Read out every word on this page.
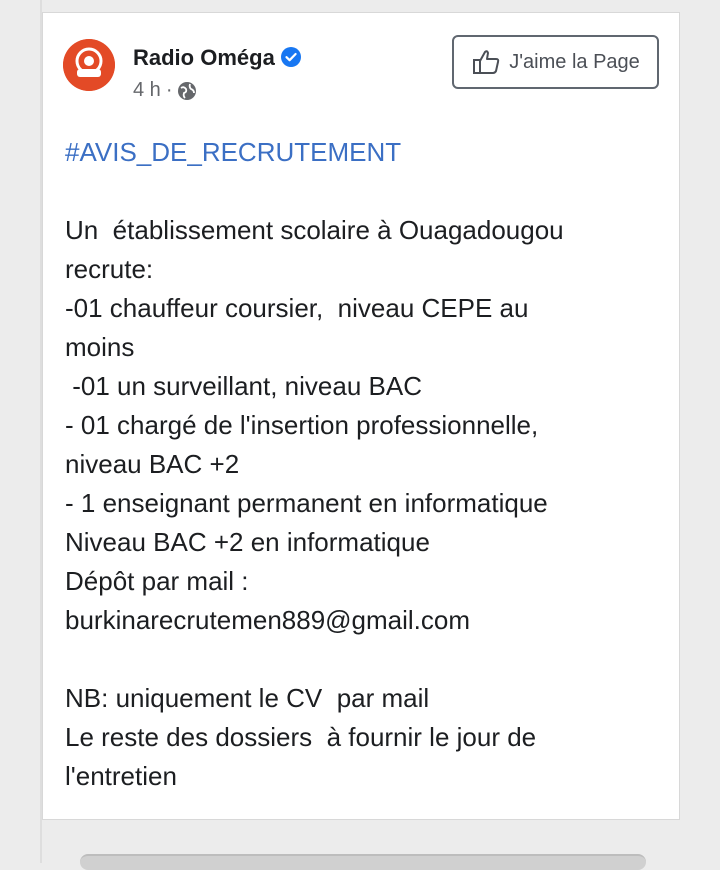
Radio Oméga
4 h ·
J'aime la Page
#AVIS_DE_RECRUTEMENT
Un  établissement scolaire à Ouagadougou
recrute:
-01 chauffeur coursier,  niveau CEPE au
moins
-01 un surveillant, niveau BAC
- 01 chargé de l'insertion professionnelle,
niveau BAC +2
- 1 enseignant permanent en informatique
Niveau BAC +2 en informatique
Dépôt par mail :
burkinarecrutemen889@gmail.com
NB: uniquement le CV  par mail
Le reste des dossiers  à fournir le jour de
l'entretien
